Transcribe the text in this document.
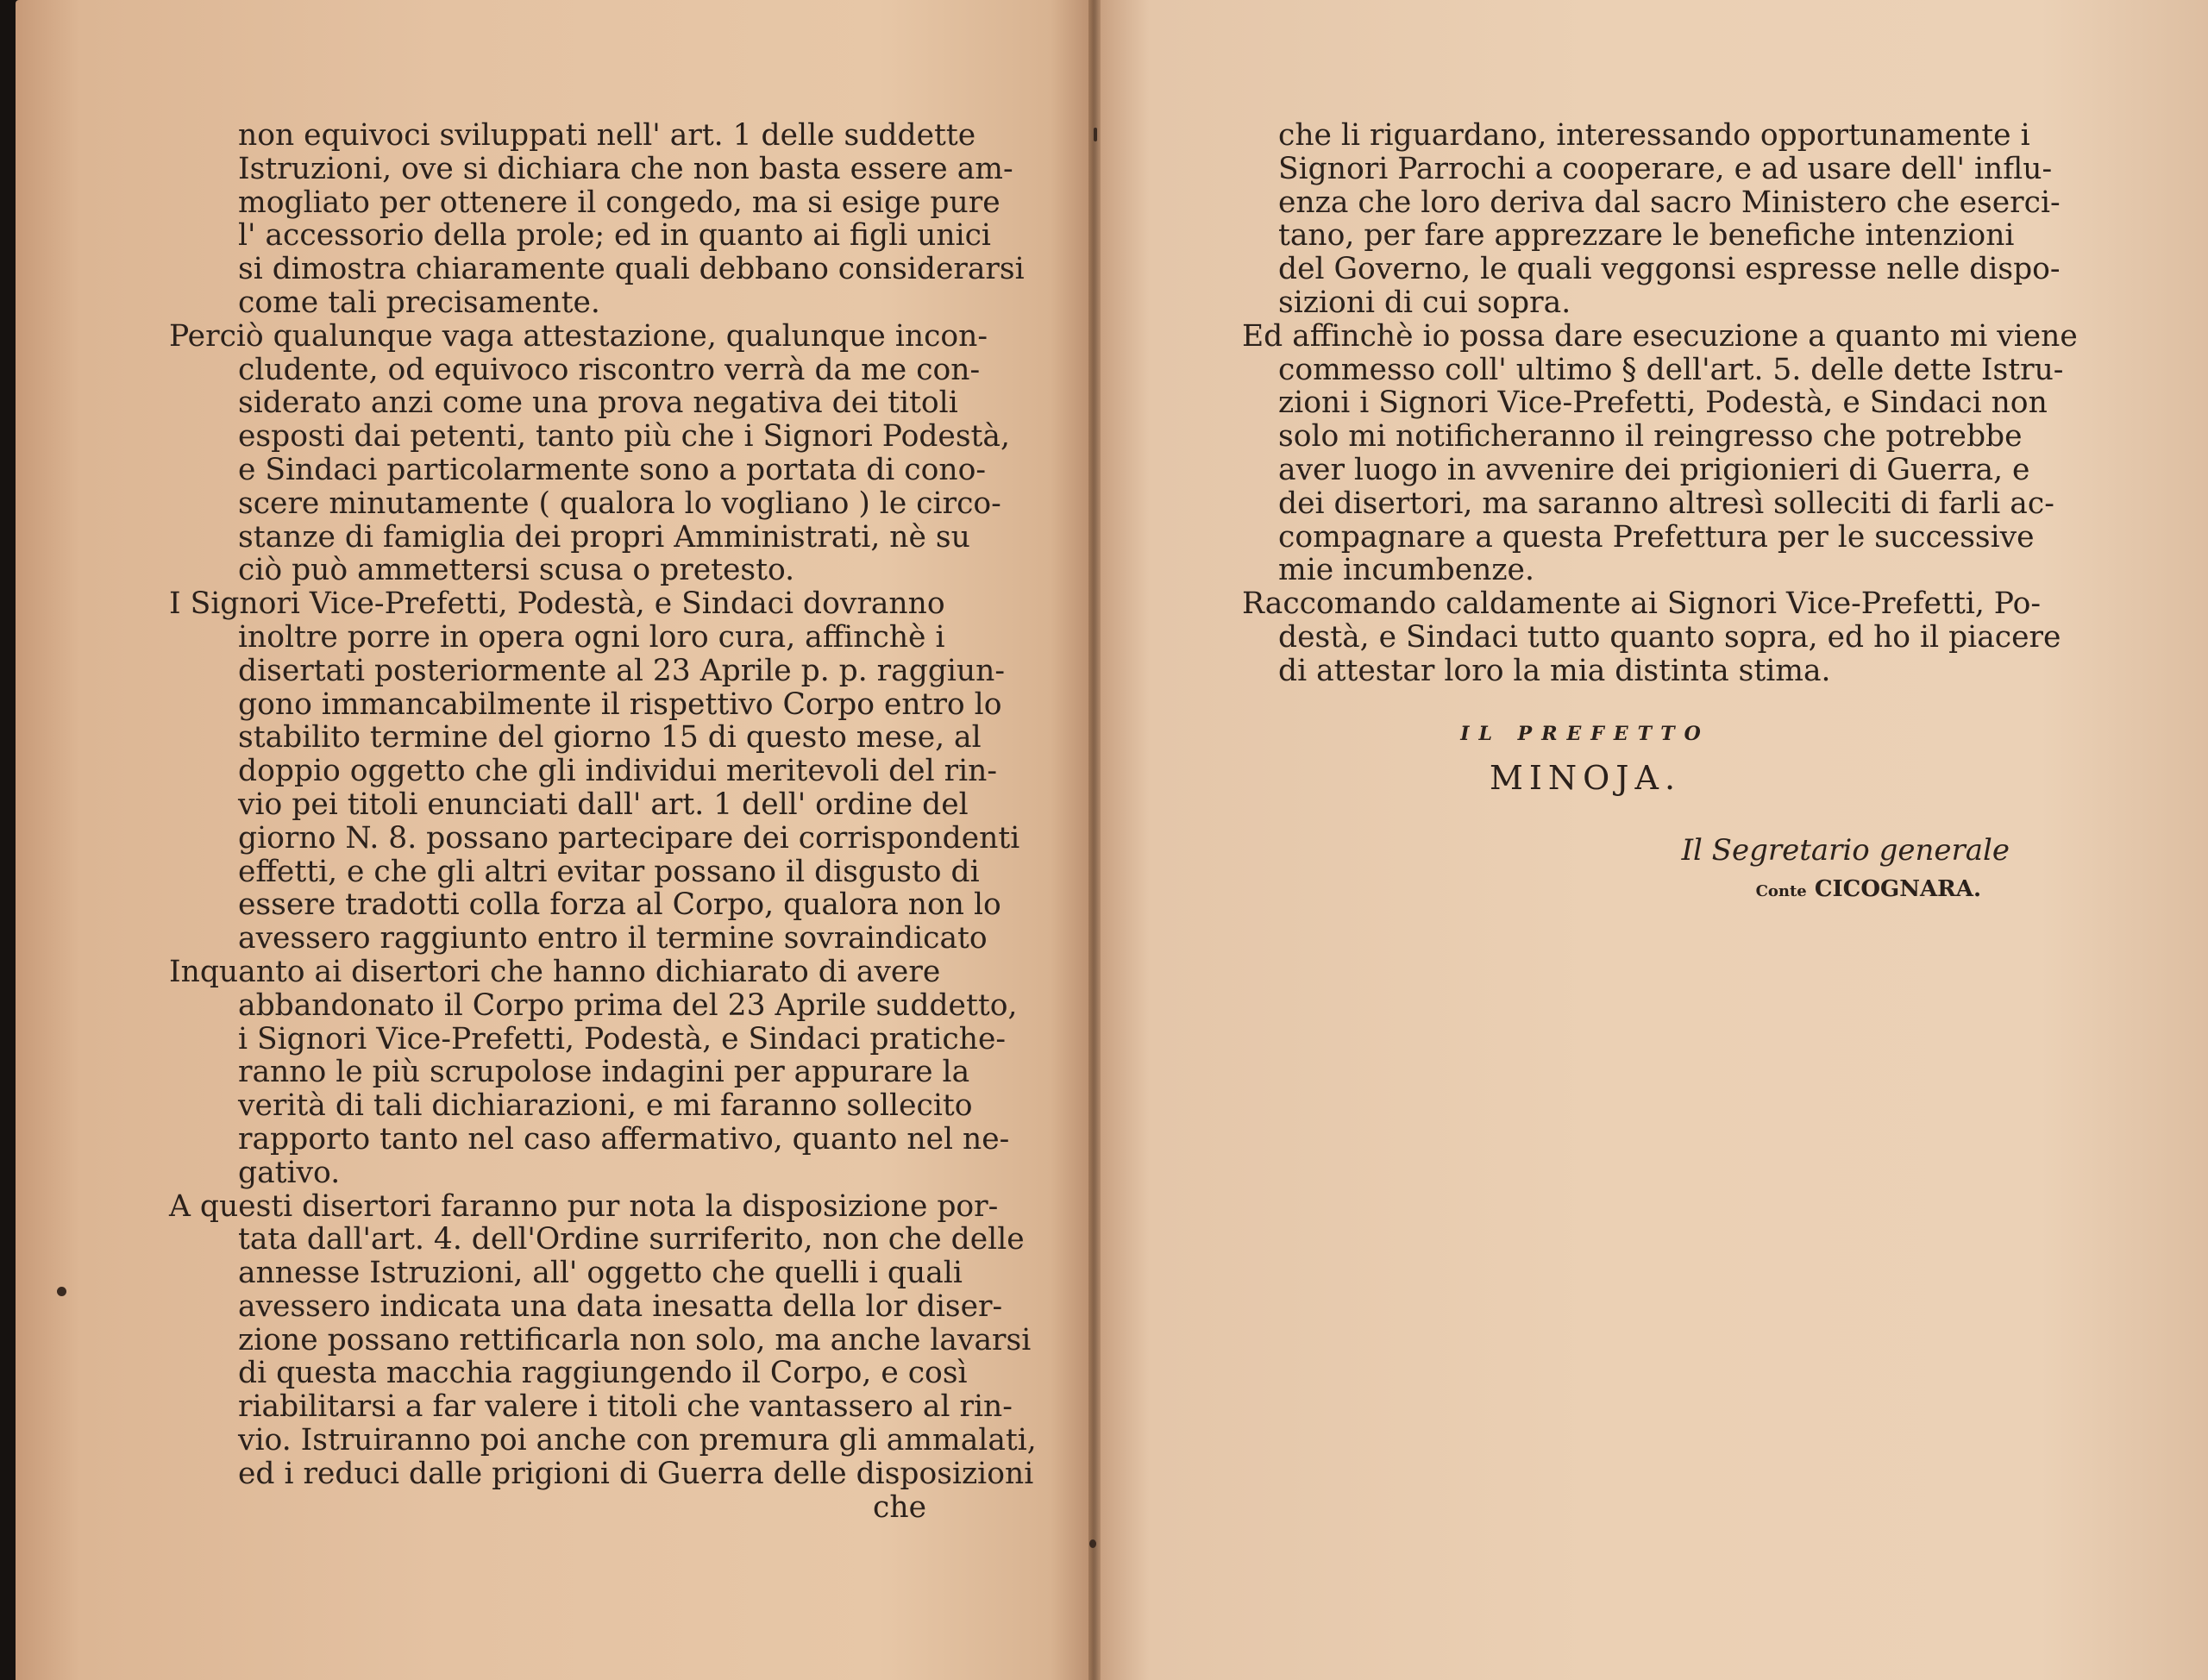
non equivoci sviluppati nell' art. 1 delle suddette
Istruzioni, ove si dichiara che non basta essere am-
mogliato per ottenere il congedo, ma si esige pure
l' accessorio della prole; ed in quanto ai figli unici
si dimostra chiaramente quali debbano considerarsi
come tali precisamente.
Perciò qualunque vaga attestazione, qualunque incon-
cludente, od equivoco riscontro verrà da me con-
siderato anzi come una prova negativa dei titoli
esposti dai petenti, tanto più che i Signori Podestà,
e Sindaci particolarmente sono a portata di cono-
scere minutamente ( qualora lo vogliano ) le circo-
stanze di famiglia dei propri Amministrati, nè su
ciò può ammettersi scusa o pretesto.
I Signori Vice-Prefetti, Podestà, e Sindaci dovranno
inoltre porre in opera ogni loro cura, affinchè i
disertati posteriormente al 23 Aprile p. p. raggiun-
gono immancabilmente il rispettivo Corpo entro lo
stabilito termine del giorno 15 di questo mese, al
doppio oggetto che gli individui meritevoli del rin-
vio pei titoli enunciati dall' art. 1 dell' ordine del
giorno N. 8. possano partecipare dei corrispondenti
effetti, e che gli altri evitar possano il disgusto di
essere tradotti colla forza al Corpo, qualora non lo
avessero raggiunto entro il termine sovraindicato
Inquanto ai disertori che hanno dichiarato di avere
abbandonato il Corpo prima del 23 Aprile suddetto,
i Signori Vice-Prefetti, Podestà, e Sindaci pratiche-
ranno le più scrupolose indagini per appurare la
verità di tali dichiarazioni, e mi faranno sollecito
rapporto tanto nel caso affermativo, quanto nel ne-
gativo.
A questi disertori faranno pur nota la disposizione por-
tata dall'art. 4. dell'Ordine surriferito, non che delle
annesse Istruzioni, all' oggetto che quelli i quali
avessero indicata una data inesatta della lor diser-
zione possano rettificarla non solo, ma anche lavarsi
di questa macchia raggiungendo il Corpo, e così
riabilitarsi a far valere i titoli che vantassero al rin-
vio. Istruiranno poi anche con premura gli ammalati,
ed i reduci dalle prigioni di Guerra delle disposizioni
che
che li riguardano, interessando opportunamente i
Signori Parrochi a cooperare, e ad usare dell' influ-
enza che loro deriva dal sacro Ministero che eserci-
tano, per fare apprezzare le benefiche intenzioni
del Governo, le quali veggonsi espresse nelle dispo-
sizioni di cui sopra.
Ed affinchè io possa dare esecuzione a quanto mi viene
commesso coll' ultimo § dell'art. 5. delle dette Istru-
zioni i Signori Vice-Prefetti, Podestà, e Sindaci non
solo mi notificheranno il reingresso che potrebbe
aver luogo in avvenire dei prigionieri di Guerra, e
dei disertori, ma saranno altresì solleciti di farli ac-
compagnare a questa Prefettura per le successive
mie incumbenze.
Raccomando caldamente ai Signori Vice-Prefetti, Po-
destà, e Sindaci tutto quanto sopra, ed ho il piacere
di attestar loro la mia distinta stima.
IL PREFETTO
MINOJA.
Il Segretario generale
Conte CICOGNARA.
